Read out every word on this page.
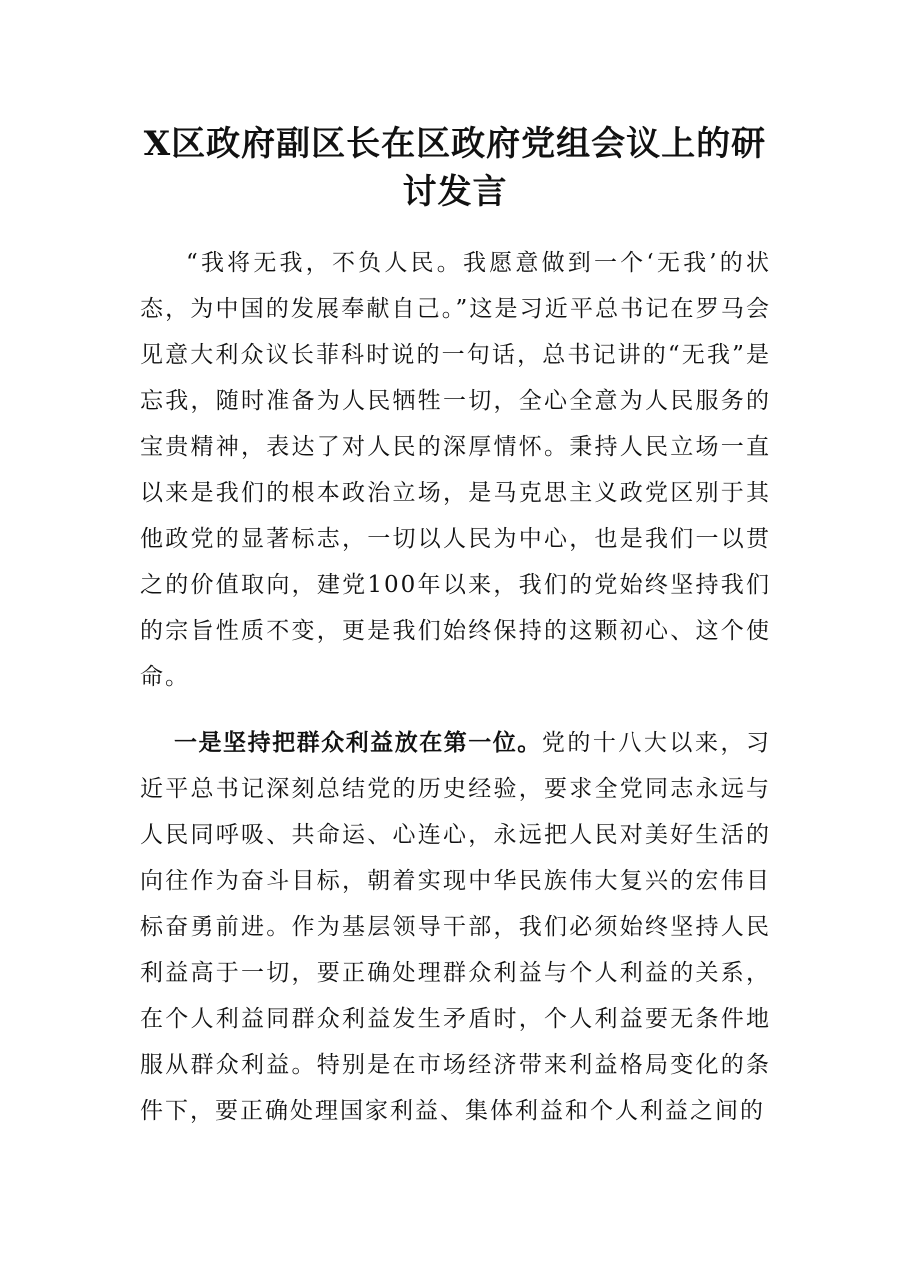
X区政府副区长在区政府党组会议上的研讨发言

“我将无我，不负人民。我愿意做到一个‘无我’的状态，为中国的发展奉献自己。”这是习近平总书记在罗马会见意大利众议长菲科时说的一句话，总书记讲的“无我”是忘我，随时准备为人民牺牲一切，全心全意为人民服务的宝贵精神，表达了对人民的深厚情怀。秉持人民立场一直以来是我们的根本政治立场，是马克思主义政党区别于其他政党的显著标志，一切以人民为中心，也是我们一以贯之的价值取向，建党100年以来，我们的党始终坚持我们的宗旨性质不变，更是我们始终保持的这颗初心、这个使命。

一是坚持把群众利益放在第一位。党的十八大以来，习近平总书记深刻总结党的历史经验，要求全党同志永远与人民同呼吸、共命运、心连心，永远把人民对美好生活的向往作为奋斗目标，朝着实现中华民族伟大复兴的宏伟目标奋勇前进。作为基层领导干部，我们必须始终坚持人民利益高于一切，要正确处理群众利益与个人利益的关系，在个人利益同群众利益发生矛盾时，个人利益要无条件地服从群众利益。特别是在市场经济带来利益格局变化的条件下，要正确处理国家利益、集体利益和个人利益之间的
